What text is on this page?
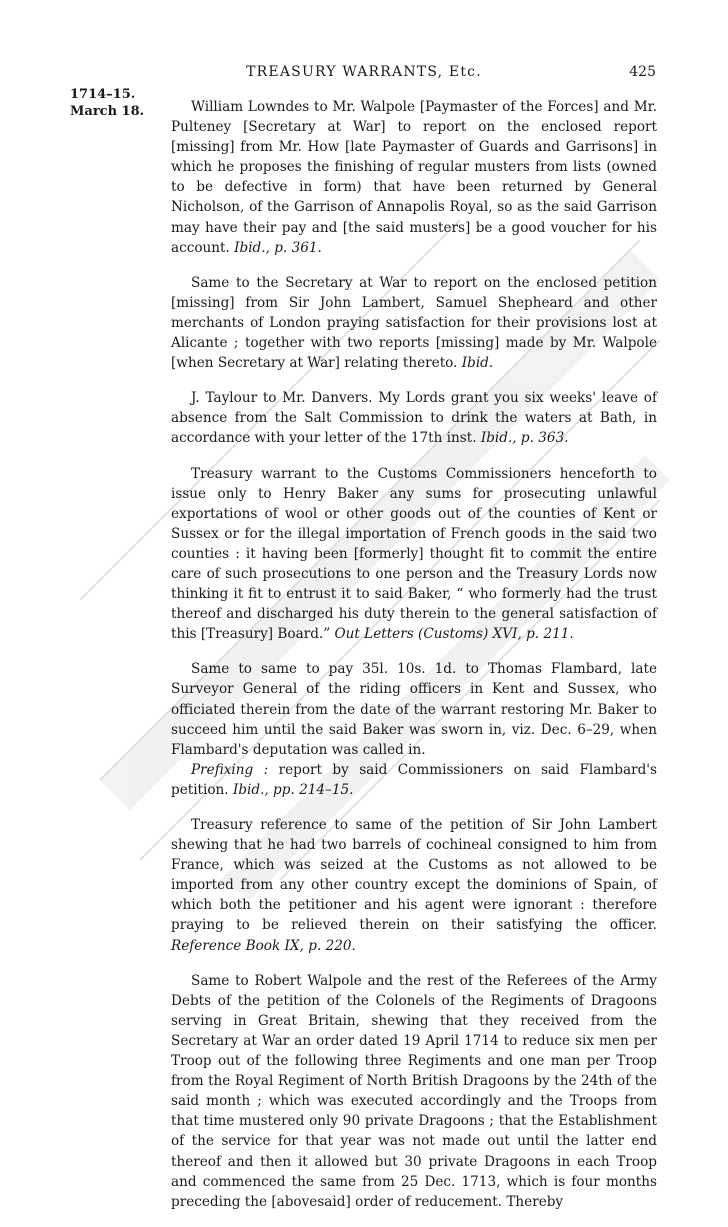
TREASURY WARRANTS, Etc.	425
1714–15.
March 18.	William Lowndes to Mr. Walpole [Paymaster of the Forces] and Mr. Pulteney [Secretary at War] to report on the enclosed report [missing] from Mr. How [late Paymaster of Guards and Garrisons] in which he proposes the finishing of regular musters from lists (owned to be defective in form) that have been returned by General Nicholson, of the Garrison of Annapolis Royal, so as the said Garrison may have their pay and [the said musters] be a good voucher for his account. Ibid., p. 361.

Same to the Secretary at War to report on the enclosed petition [missing] from Sir John Lambert, Samuel Shepheard and other merchants of London praying satisfaction for their provisions lost at Alicante ; together with two reports [missing] made by Mr. Walpole [when Secretary at War] relating thereto. Ibid.

J. Taylour to Mr. Danvers. My Lords grant you six weeks' leave of absence from the Salt Commission to drink the waters at Bath, in accordance with your letter of the 17th inst. Ibid., p. 363.

Treasury warrant to the Customs Commissioners henceforth to issue only to Henry Baker any sums for prosecuting unlawful exportations of wool or other goods out of the counties of Kent or Sussex or for the illegal importation of French goods in the said two counties : it having been [formerly] thought fit to commit the entire care of such prosecutions to one person and the Treasury Lords now thinking it fit to entrust it to said Baker, “ who formerly had the trust thereof and discharged his duty therein to the general satisfaction of this [Treasury] Board.” Out Letters (Customs) XVI, p. 211.

Same to same to pay 35l. 10s. 1d. to Thomas Flambard, late Surveyor General of the riding officers in Kent and Sussex, who officiated therein from the date of the warrant restoring Mr. Baker to succeed him until the said Baker was sworn in, viz. Dec. 6–29, when Flambard's deputation was called in.

Prefixing : report by said Commissioners on said Flambard's petition. Ibid., pp. 214–15.

Treasury reference to same of the petition of Sir John Lambert shewing that he had two barrels of cochineal consigned to him from France, which was seized at the Customs as not allowed to be imported from any other country except the dominions of Spain, of which both the petitioner and his agent were ignorant : therefore praying to be relieved therein on their satisfying the officer. Reference Book IX, p. 220.

Same to Robert Walpole and the rest of the Referees of the Army Debts of the petition of the Colonels of the Regiments of Dragoons serving in Great Britain, shewing that they received from the Secretary at War an order dated 19 April 1714 to reduce six men per Troop out of the following three Regiments and one man per Troop from the Royal Regiment of North British Dragoons by the 24th of the said month ; which was executed accordingly and the Troops from that time mustered only 90 private Dragoons ; that the Establishment of the service for that year was not made out until the latter end thereof and then it allowed but 30 private Dragoons in each Troop and commenced the same from 25 Dec. 1713, which is four months preceding the [abovesaid] order of reducement. Thereby
